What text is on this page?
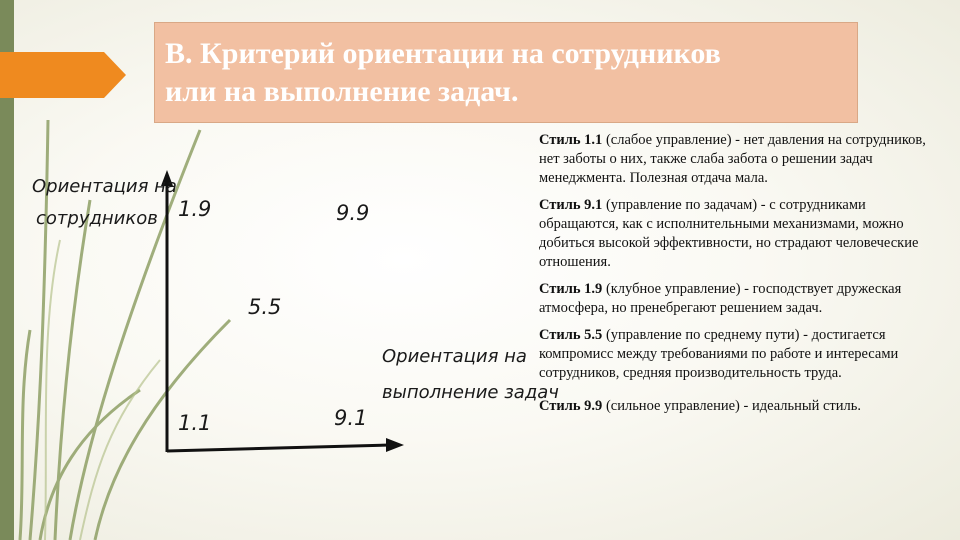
В. Критерий ориентации на сотрудников
или на выполнение задач.
Ориентация на
сотрудников
Ориентация на
выполнение задач
1.9	9.9
5.5
1.1	9.1

Стиль 1.1 (слабое управление) - нет давления на сотрудников, нет заботы о них, также слаба забота о решении задач менеджмента. Полезная отдача мала.

Стиль 9.1 (управление по задачам) - с сотрудниками обращаются, как с исполнительными механизмами, можно добиться высокой эффективности, но страдают человеческие отношения.

Стиль 1.9 (клубное управление) - господствует дружеская атмосфера, но пренебрегают решением задач.

Стиль 5.5 (управление по среднему пути) - достигается компромисс между требованиями по работе и интересами сотрудников, средняя производительность труда.

Стиль 9.9 (сильное управление) - идеальный стиль.
